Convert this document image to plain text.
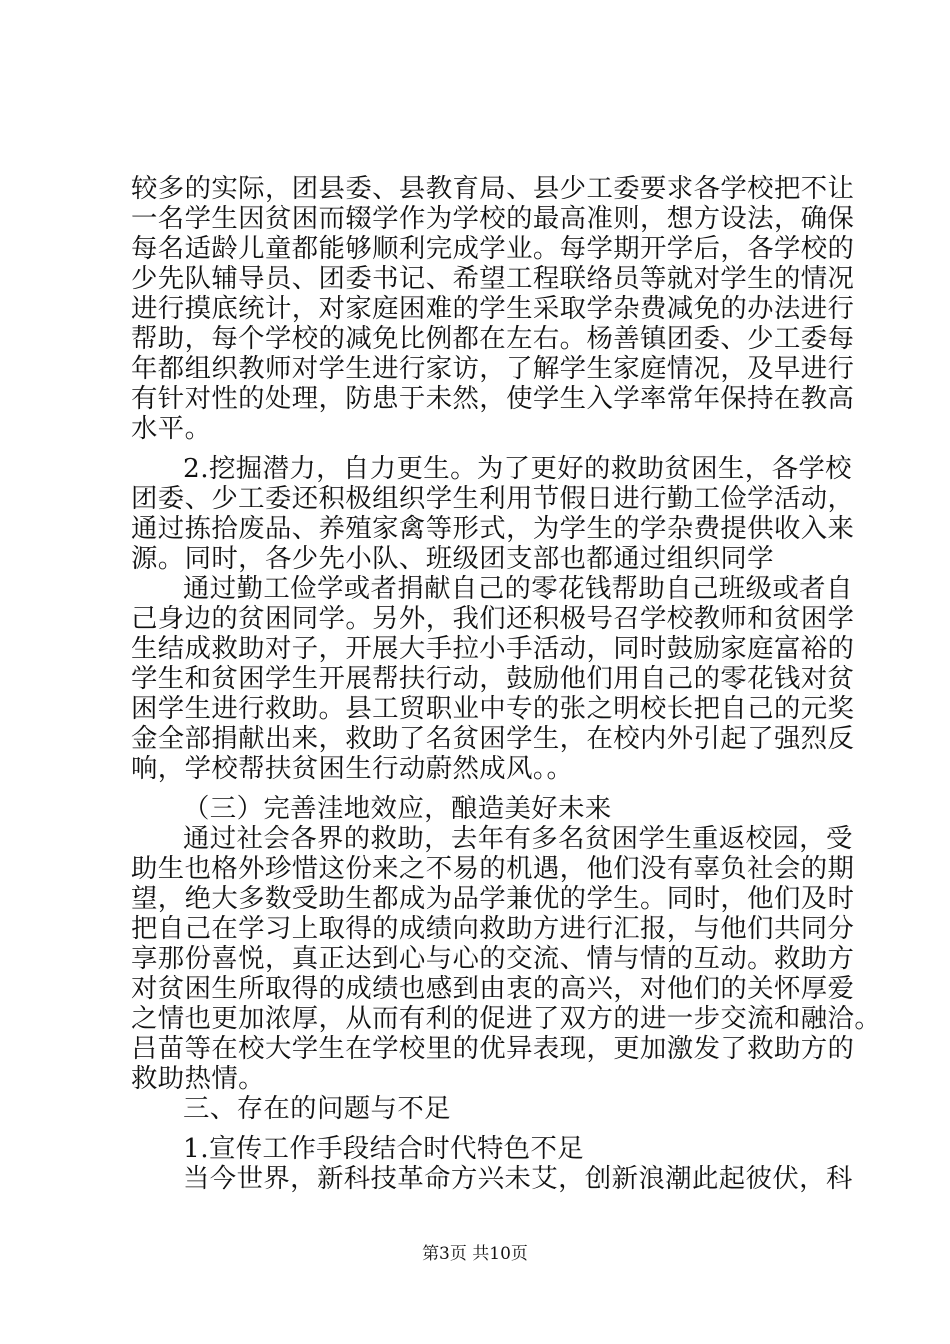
较多的实际，团县委、县教育局、县少工委要求各学校把不让
一名学生因贫困而辍学作为学校的最高准则，想方设法，确保
每名适龄儿童都能够顺利完成学业。每学期开学后，各学校的
少先队辅导员、团委书记、希望工程联络员等就对学生的情况
进行摸底统计，对家庭困难的学生采取学杂费减免的办法进行
帮助，每个学校的减免比例都在左右。杨善镇团委、少工委每
年都组织教师对学生进行家访，了解学生家庭情况，及早进行
有针对性的处理，防患于未然，使学生入学率常年保持在教高
水平。
2.挖掘潜力，自力更生。为了更好的救助贫困生，各学校
团委、少工委还积极组织学生利用节假日进行勤工俭学活动，
通过拣拾废品、养殖家禽等形式，为学生的学杂费提供收入来
源。同时，各少先小队、班级团支部也都通过组织同学
通过勤工俭学或者捐献自己的零花钱帮助自己班级或者自
己身边的贫困同学。另外，我们还积极号召学校教师和贫困学
生结成救助对子，开展大手拉小手活动，同时鼓励家庭富裕的
学生和贫困学生开展帮扶行动，鼓励他们用自己的零花钱对贫
困学生进行救助。县工贸职业中专的张之明校长把自己的元奖
金全部捐献出来，救助了名贫困学生，在校内外引起了强烈反
响，学校帮扶贫困生行动蔚然成风。。
（三）完善洼地效应，酿造美好未来
通过社会各界的救助，去年有多名贫困学生重返校园，受
助生也格外珍惜这份来之不易的机遇，他们没有辜负社会的期
望，绝大多数受助生都成为品学兼优的学生。同时，他们及时
把自己在学习上取得的成绩向救助方进行汇报，与他们共同分
享那份喜悦，真正达到心与心的交流、情与情的互动。救助方
对贫困生所取得的成绩也感到由衷的高兴，对他们的关怀厚爱
之情也更加浓厚，从而有利的促进了双方的进一步交流和融洽。
吕苗等在校大学生在学校里的优异表现，更加激发了救助方的
救助热情。
三、存在的问题与不足
1.宣传工作手段结合时代特色不足
当今世界，新科技革命方兴未艾，创新浪潮此起彼伏，科
第3页 共10页
